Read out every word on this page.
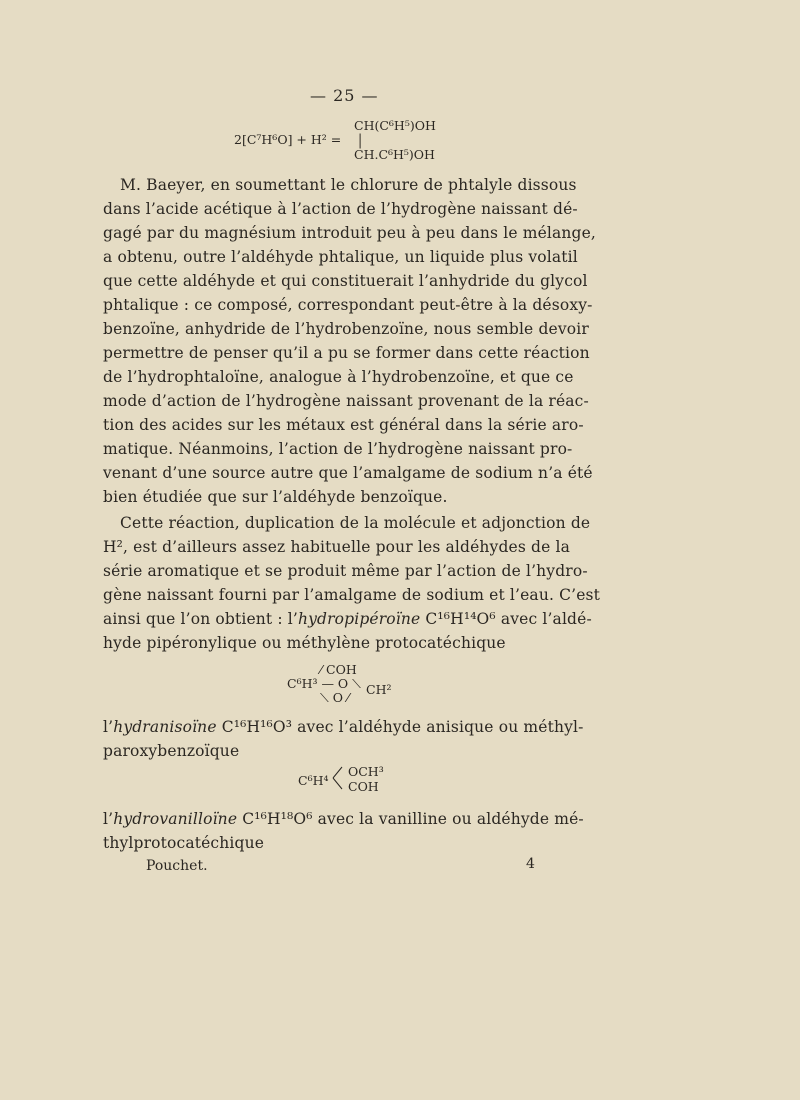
— 25 —
CH(C⁶H⁵)OH
2[C⁷H⁶O] + H² = |
CH.C⁶H⁵)OH
M. Baeyer, en soumettant le chlorure de phtalyle dissous
dans l’acide acétique à l’action de l’hydrogène naissant dé-
gagé par du magnésium introduit peu à peu dans le mélange,
a obtenu, outre l’aldéhyde phtalique, un liquide plus volatil
que cette aldéhyde et qui constituerait l’anhydride du glycol
phtalique : ce composé, correspondant peut-être à la désoxy-
benzoïne, anhydride de l’hydrobenzoïne, nous semble devoir
permettre de penser qu’il a pu se former dans cette réaction
de l’hydrophtaloïne, analogue à l’hydrobenzoïne, et que ce
mode d’action de l’hydrogène naissant provenant de la réac-
tion des acides sur les métaux est général dans la série aro-
matique. Néanmoins, l’action de l’hydrogène naissant pro-
venant d’une source autre que l’amalgame de sodium n’a été
bien étudiée que sur l’aldéhyde benzoïque.
Cette réaction, duplication de la molécule et adjonction de
H², est d’ailleurs assez habituelle pour les aldéhydes de la
série aromatique et se produit même par l’action de l’hydro-
gène naissant fourni par l’amalgame de sodium et l’eau. C’est
ainsi que l’on obtient : l’hydropipéroïne C¹⁶H¹⁴O⁶ avec l’aldé-
hyde pipéronylique ou méthylène protocatéchique
⁄ COH
C⁶H³ — O ⟍ CH²
⟍ O ⁄
l’hydranisoïne C¹⁶H¹⁶O³ avec l’aldéhyde anisique ou méthyl-
paroxybenzoïque
C⁶H⁴
OCH³
COH
l’hydrovanilloïne C¹⁶H¹⁸O⁶ avec la vanilline ou aldéhyde mé-
thylprotocatéchique
Pouchet.	4
